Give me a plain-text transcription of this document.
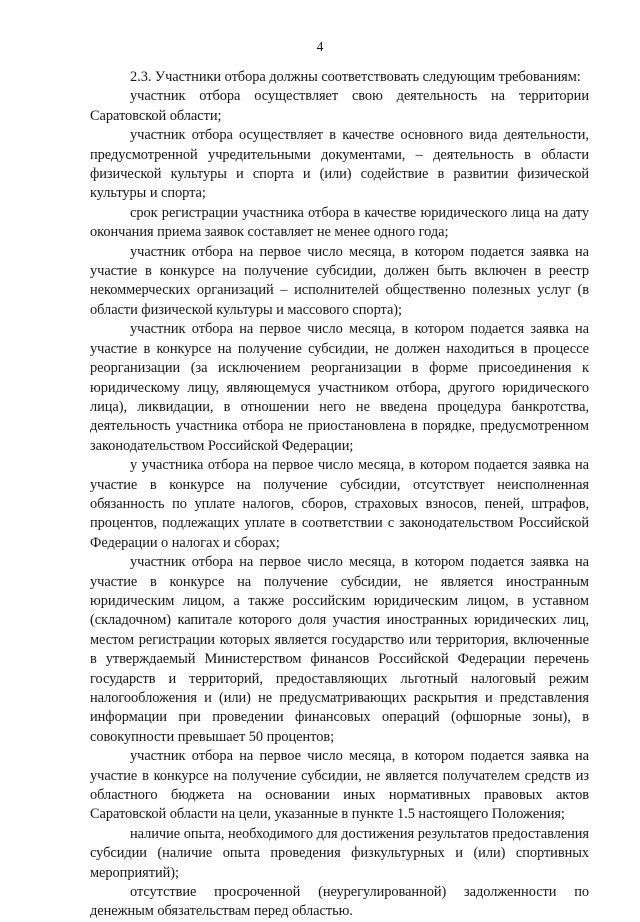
4

2.3. Участники отбора должны соответствовать следующим требованиям:

участник отбора осуществляет свою деятельность на территории Саратовской области;

участник отбора осуществляет в качестве основного вида деятельности, предусмотренной учредительными документами, – деятельность в области физической культуры и спорта и (или) содействие в развитии физической культуры и спорта;

срок регистрации участника отбора в качестве юридического лица на дату окончания приема заявок составляет не менее одного года;

участник отбора на первое число месяца, в котором подается заявка на участие в конкурсе на получение субсидии, должен быть включен в реестр некоммерческих организаций – исполнителей общественно полезных услуг (в области физической культуры и массового спорта);

участник отбора на первое число месяца, в котором подается заявка на участие в конкурсе на получение субсидии, не должен находиться в процессе реорганизации (за исключением реорганизации в форме присоединения к юридическому лицу, являющемуся участником отбора, другого юридического лица), ликвидации, в отношении него не введена процедура банкротства, деятельность участника отбора не приостановлена в порядке, предусмотренном законодательством Российской Федерации;

у участника отбора на первое число месяца, в котором подается заявка на участие в конкурсе на получение субсидии, отсутствует неисполненная обязанность по уплате налогов, сборов, страховых взносов, пеней, штрафов, процентов, подлежащих уплате в соответствии с законодательством Российской Федерации о налогах и сборах;

участник отбора на первое число месяца, в котором подается заявка на участие в конкурсе на получение субсидии, не является иностранным юридическим лицом, а также российским юридическим лицом, в уставном (складочном) капитале которого доля участия иностранных юридических лиц, местом регистрации которых является государство или территория, включенные в утверждаемый Министерством финансов Российской Федерации перечень государств и территорий, предоставляющих льготный налоговый режим налогообложения и (или) не предусматривающих раскрытия и представления информации при проведении финансовых операций (офшорные зоны), в совокупности превышает 50 процентов;

участник отбора на первое число месяца, в котором подается заявка на участие в конкурсе на получение субсидии, не является получателем средств из областного бюджета на основании иных нормативных правовых актов Саратовской области на цели, указанные в пункте 1.5 настоящего Положения;

наличие опыта, необходимого для достижения результатов предоставления субсидии (наличие опыта проведения физкультурных и (или) спортивных мероприятий);

отсутствие просроченной (неурегулированной) задолженности по денежным обязательствам перед областью.
